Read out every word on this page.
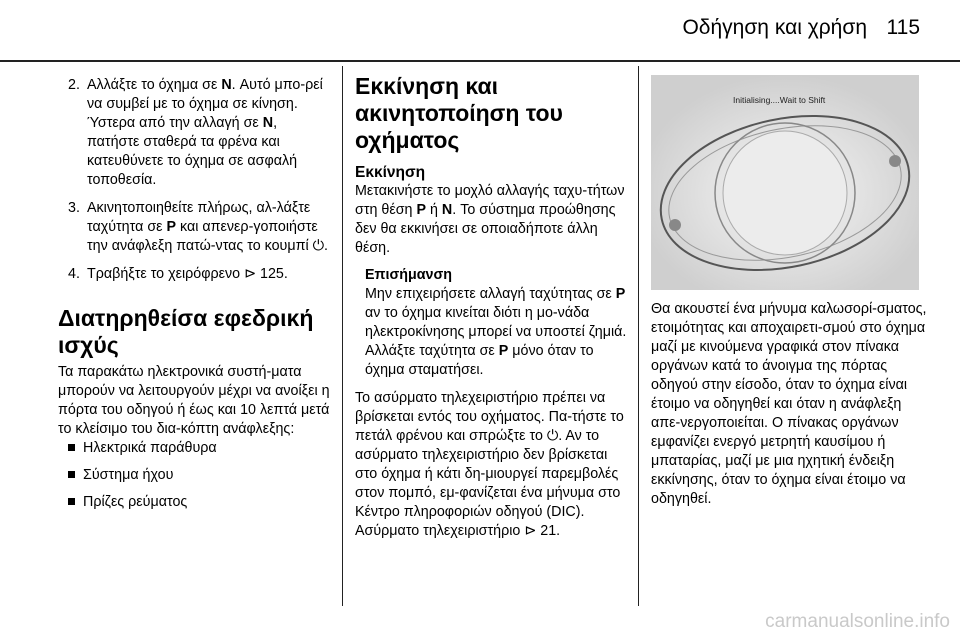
Οδήγηση και χρήση 115
2. Αλλάξτε το όχημα σε N. Αυτό μπο-ρεί να συμβεί με το όχημα σε κίνηση. Ύστερα από την αλλαγή σε N, πατήστε σταθερά τα φρένα και κατευθύνετε το όχημα σε ασφαλή τοποθεσία.
3. Ακινητοποιηθείτε πλήρως, αλ-λάξτε ταχύτητα σε P και απενερ-γοποιήστε την ανάφλεξη πατώ-ντας το κουμπί ⏻.
4. Τραβήξτε το χειρόφρενο ⊳ 125.
Διατηρηθείσα εφεδρική ισχύς

Τα παρακάτω ηλεκτρονικά συστή-ματα μπορούν να λειτουργούν μέχρι να ανοίξει η πόρτα του οδηγού ή έως και 10 λεπτά μετά το κλείσιμο του δια-κόπτη ανάφλεξης:

Ηλεκτρικά παράθυρα
Σύστημα ήχου
Πρίζες ρεύματος
Εκκίνηση και ακινητοποίηση του οχήματος
Εκκίνηση

Μετακινήστε το μοχλό αλλαγής ταχυ-τήτων στη θέση P ή N. Το σύστημα προώθησης δεν θα εκκινήσει σε οποιαδήποτε άλλη θέση.

Επισήμανση
Μην επιχειρήσετε αλλαγή ταχύτητας σε P αν το όχημα κινείται διότι η μο-νάδα ηλεκτροκίνησης μπορεί να υποστεί ζημιά. Αλλάξτε ταχύτητα σε P μόνο όταν το όχημα σταματήσει.

Το ασύρματο τηλεχειριστήριο πρέπει να βρίσκεται εντός του οχήματος. Πα-τήστε το πετάλ φρένου και σπρώξτε το ⏻. Αν το ασύρματο τηλεχειριστήριο δεν βρίσκεται στο όχημα ή κάτι δη-μιουργεί παρεμβολές στον πομπό, εμ-φανίζεται ένα μήνυμα στο Κέντρο πληροφοριών οδηγού (DIC).

Ασύρματο τηλεχειριστήριο ⊳ 21.

Initialising....Wait to Shift

Θα ακουστεί ένα μήνυμα καλωσορί-σματος, ετοιμότητας και αποχαιρετι-σμού στο όχημα μαζί με κινούμενα γραφικά στον πίνακα οργάνων κατά το άνοιγμα της πόρτας οδηγού στην είσοδο, όταν το όχημα είναι έτοιμο να οδηγηθεί και όταν η ανάφλεξη απε-νεργοποιείται. Ο πίνακας οργάνων εμφανίζει ενεργό μετρητή καυσίμου ή μπαταρίας, μαζί με μια ηχητική ένδειξη εκκίνησης, όταν το όχημα είναι έτοιμο να οδηγηθεί.

carmanualsonline.info
